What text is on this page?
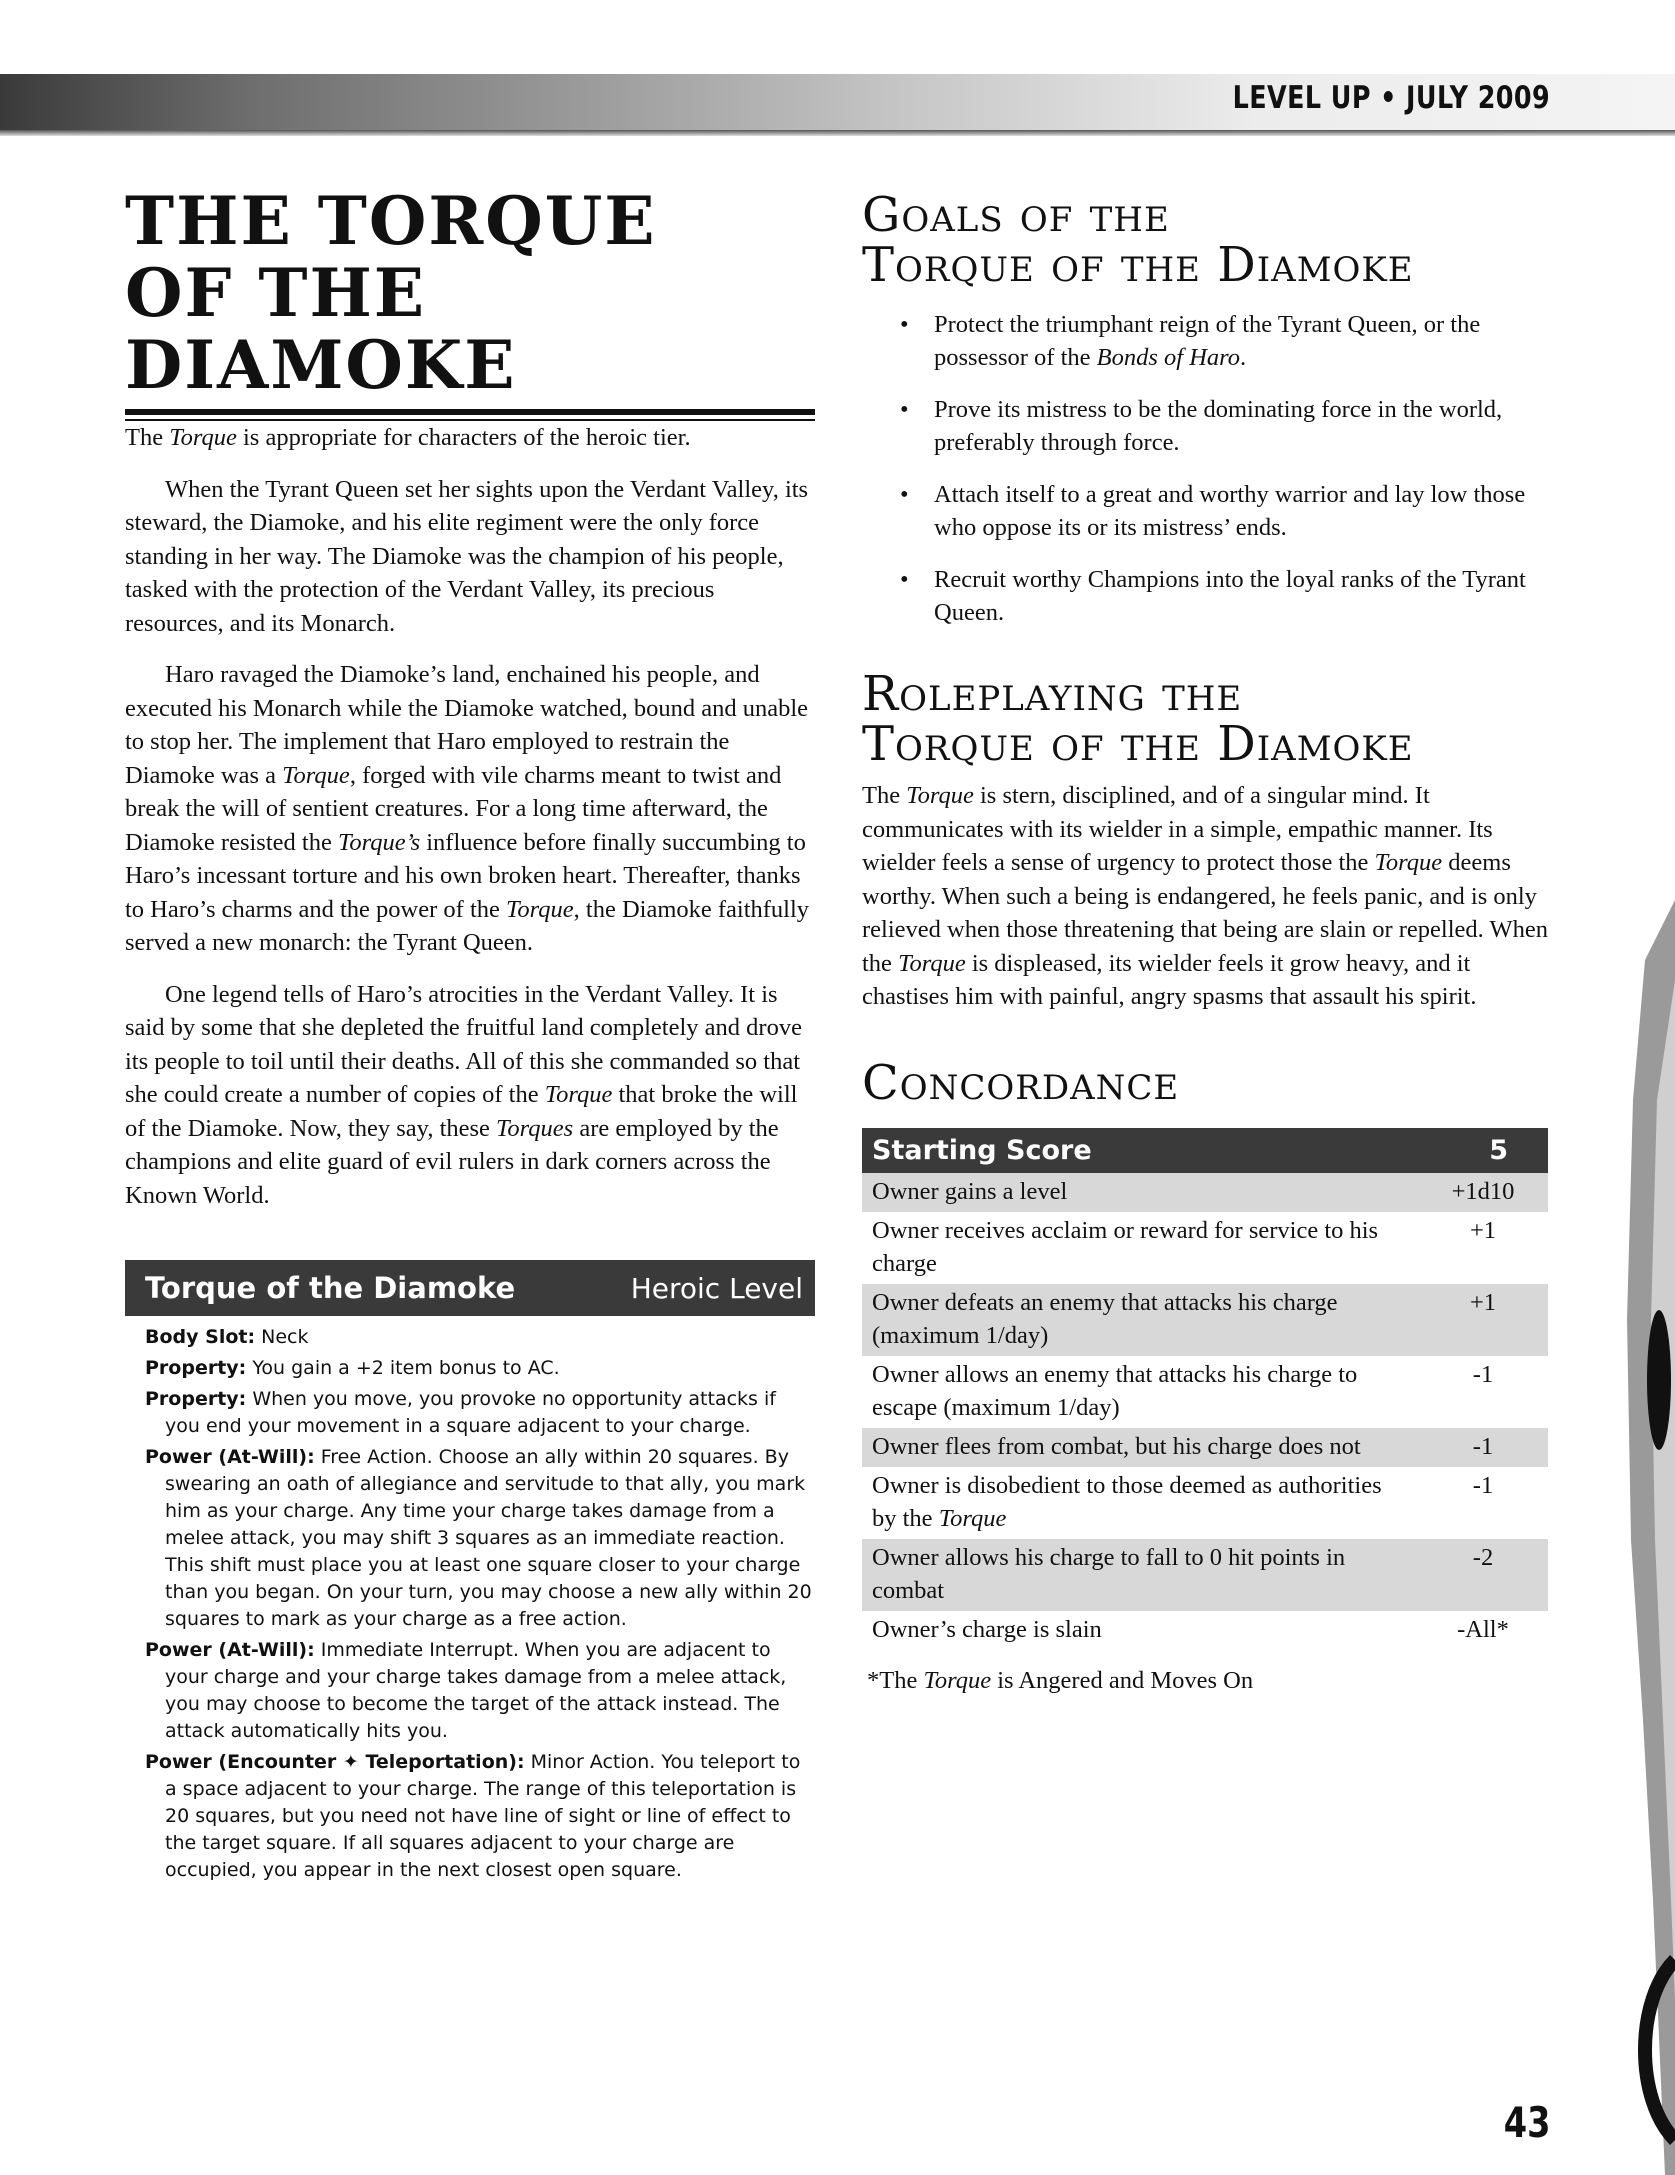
LEVEL UP • JULY 2009
THE TORQUE
OF THE DIAMOKE

The Torque is appropriate for characters of the heroic tier.

When the Tyrant Queen set her sights upon the Verdant Valley, its steward, the Diamoke, and his elite regiment were the only force standing in her way. The Diamoke was the champion of his people, tasked with the protection of the Verdant Valley, its precious resources, and its Monarch.

Haro ravaged the Diamoke’s land, enchained his people, and executed his Monarch while the Diamoke watched, bound and unable to stop her. The implement that Haro employed to restrain the Diamoke was a Torque, forged with vile charms meant to twist and break the will of sentient creatures. For a long time afterward, the Diamoke resisted the Torque’s influence before finally succumbing to Haro’s incessant torture and his own broken heart. Thereafter, thanks to Haro’s charms and the power of the Torque, the Diamoke faithfully served a new monarch: the Tyrant Queen.

One legend tells of Haro’s atrocities in the Verdant Valley. It is said by some that she depleted the fruitful land completely and drove its people to toil until their deaths. All of this she commanded so that she could create a number of copies of the Torque that broke the will of the Diamoke. Now, they say, these Torques are employed by the champions and elite guard of evil rulers in dark corners across the Known World.

Torque of the Diamoke	Heroic Level
Body Slot: Neck
Property: You gain a +2 item bonus to AC.
Property: When you move, you provoke no opportunity attacks if you end your movement in a square adjacent to your charge.
Power (At-Will): Free Action. Choose an ally within 20 squares. By swearing an oath of allegiance and servitude to that ally, you mark him as your charge. Any time your charge takes damage from a melee attack, you may shift 3 squares as an immediate reaction. This shift must place you at least one square closer to your charge than you began. On your turn, you may choose a new ally within 20 squares to mark as your charge as a free action.
Power (At-Will): Immediate Interrupt. When you are adjacent to your charge and your charge takes damage from a melee attack, you may choose to become the target of the attack instead. The attack automatically hits you.
Power (Encounter ✦ Teleportation): Minor Action. You teleport to a space adjacent to your charge. The range of this teleportation is 20 squares, but you need not have line of sight or line of effect to the target square. If all squares adjacent to your charge are occupied, you appear in the next closest open square.
Goals of the
Torque of the Diamoke
• Protect the triumphant reign of the Tyrant Queen, or the possessor of the Bonds of Haro.
• Prove its mistress to be the dominating force in the world, preferably through force.
• Attach itself to a great and worthy warrior and lay low those who oppose its or its mistress’ ends.
• Recruit worthy Champions into the loyal ranks of the Tyrant Queen.
Roleplaying the
Torque of the Diamoke

The Torque is stern, disciplined, and of a singular mind. It communicates with its wielder in a simple, empathic manner. Its wielder feels a sense of urgency to protect those the Torque deems worthy. When such a being is endangered, he feels panic, and is only relieved when those threatening that being are slain or repelled. When the Torque is displeased, its wielder feels it grow heavy, and it chastises him with painful, angry spasms that assault his spirit.

Concordance
Starting Score	5
Owner gains a level	+1d10
Owner receives acclaim or reward for service to his charge	+1
Owner defeats an enemy that attacks his charge (maximum 1/day)	+1
Owner allows an enemy that attacks his charge to escape (maximum 1/day)	-1
Owner flees from combat, but his charge does not	-1
Owner is disobedient to those deemed as authorities by the Torque	-1
Owner allows his charge to fall to 0 hit points in combat	-2
Owner’s charge is slain	-All*
*The Torque is Angered and Moves On
43
